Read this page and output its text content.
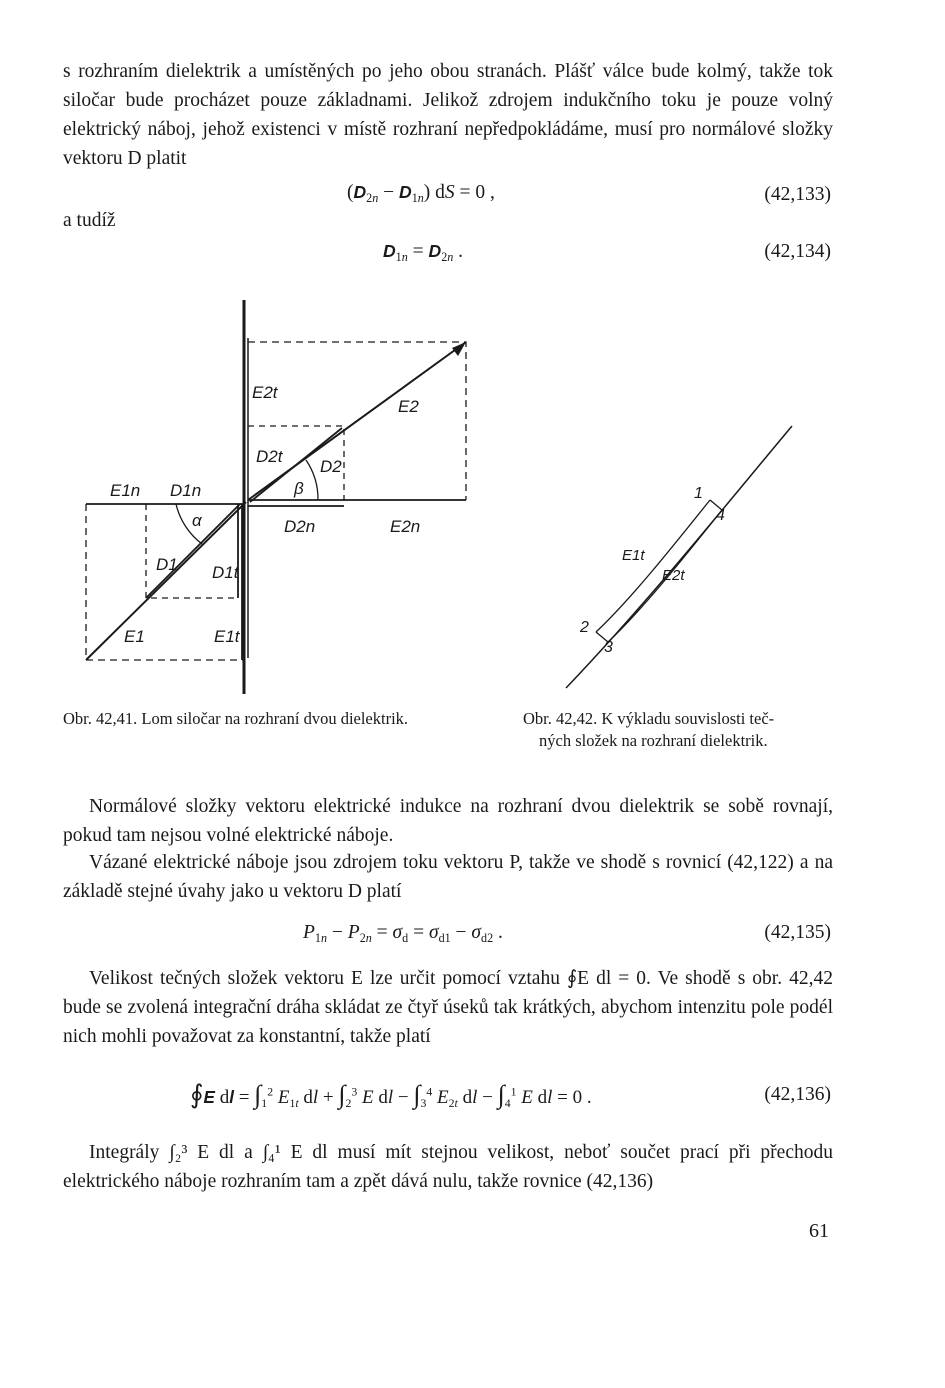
s rozhraním dielektrik a umístěných po jeho obou stranách. Plášť válce bude kolmý, takže tok siločar bude procházet pouze základnami. Jelikož zdrojem indukčního toku je pouze volný elektrický náboj, jehož existenci v místě rozhraní nepředpokládáme, musí pro normálové složky vektoru D platit
$(D_{2n} - D_{1n})$ dS = 0 ,	(42,133)
a tudíž
$D_{1n} = D_{2n}$ .	(42,134)
E2t
E2
D2t
D2
β
E1n D1n
α	D2n	E2n
D1 D1t
E1	E1t
1
4
2
3
E1t
E2t
Obr. 42,41. Lom siločar na rozhraní dvou dielektrik.	Obr. 42,42. K výkladu souvislosti teč-
ných složek na rozhraní dielektrik.
Normálové složky vektoru elektrické indukce na rozhraní dvou dielektrik se sobě rovnají, pokud tam nejsou volné elektrické náboje.
Vázané elektrické náboje jsou zdrojem toku vektoru P, takže ve shodě s rovnicí (42,122) a na základě stejné úvahy jako u vektoru D platí
$P_{1n} - P_{2n} = \sigma_d = \sigma_{d1} - \sigma_{d2}$ .	(42,135)
Velikost tečných složek vektoru E lze určit pomocí vztahu ∮E dl = 0. Ve shodě s obr. 42,42 bude se zvolená integrační dráha skládat ze čtyř úseků tak krátkých, abychom intenzitu pole podél nich mohli považovat za konstantní, takže platí
∮E dl = $\int_1^2$ $E_{1t}$ dl + $\int_2^3$ E dl − $\int_3^4$ $E_{2t}$ dl − $\int_4^1$ E dl = 0 .	(42,136)
Integrály ∫₂³ E dl a ∫₄¹ E dl musí mít stejnou velikost, neboť součet prací při přechodu elektrického náboje rozhraním tam a zpět dává nulu, takže rovnice (42,136)
61
